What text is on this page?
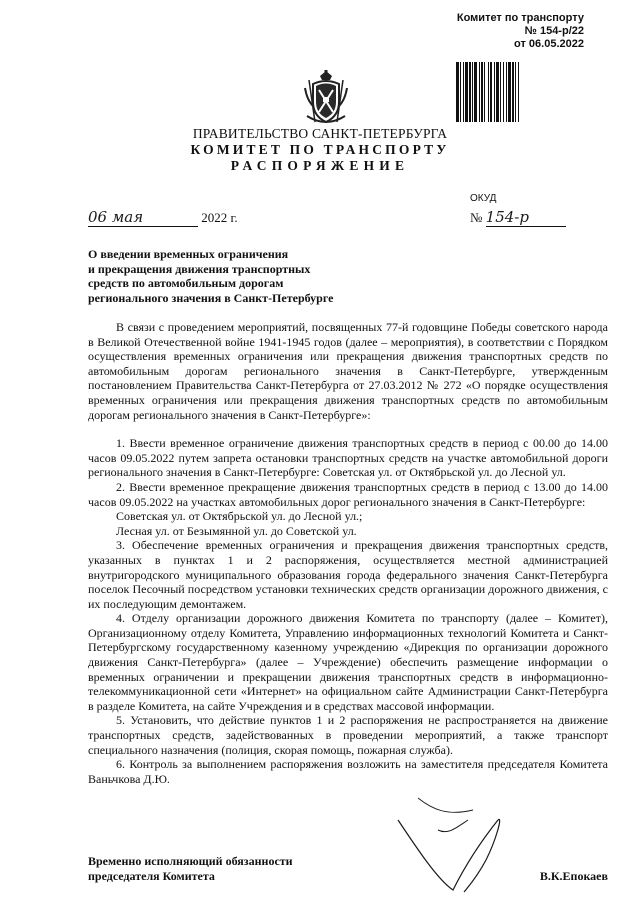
Комитет по транспорту
№ 154-р/22
от 06.05.2022
ПРАВИТЕЛЬСТВО САНКТ-ПЕТЕРБУРГА
КОМИТЕТ ПО ТРАНСПОРТУ
РАСПОРЯЖЕНИЕ
ОКУД
06 мая	2022 г.	№ 154-р
О введении временных ограничения
и прекращения движения транспортных
средств по автомобильным дорогам
регионального значения в Санкт-Петербурге

В связи с проведением мероприятий, посвященных 77-й годовщине Победы советского народа в Великой Отечественной войне 1941-1945 годов (далее – мероприятия), в соответствии с Порядком осуществления временных ограничения или прекращения движения транспортных средств по автомобильным дорогам регионального значения в Санкт-Петербурге, утвержденным постановлением Правительства Санкт-Петербурга от 27.03.2012 № 272 «О порядке осуществления временных ограничения или прекращения движения транспортных средств по автомобильным дорогам регионального значения в Санкт-Петербурге»:

1. Ввести временное ограничение движения транспортных средств в период с 00.00 до 14.00 часов 09.05.2022 путем запрета остановки транспортных средств на участке автомобильной дороги регионального значения в Санкт-Петербурге: Советская ул. от Октябрьской ул. до Лесной ул.

2. Ввести временное прекращение движения транспортных средств в период с 13.00 до 14.00 часов 09.05.2022 на участках автомобильных дорог регионального значения в Санкт-Петербурге:

Советская ул. от Октябрьской ул. до Лесной ул.;

Лесная ул. от Безымянной ул. до Советской ул.

3. Обеспечение временных ограничения и прекращения движения транспортных средств, указанных в пунктах 1 и 2 распоряжения, осуществляется местной администрацией внутригородского муниципального образования города федерального значения Санкт-Петербурга поселок Песочный посредством установки технических средств организации дорожного движения, с их последующим демонтажем.

4. Отделу организации дорожного движения Комитета по транспорту (далее – Комитет), Организационному отделу Комитета, Управлению информационных технологий Комитета и Санкт-Петербургскому государственному казенному учреждению «Дирекция по организации дорожного движения Санкт-Петербурга» (далее – Учреждение) обеспечить размещение информации о временных ограничении и прекращении движения транспортных средств в информационно-телекоммуникационной сети «Интернет» на официальном сайте Администрации Санкт-Петербурга в разделе Комитета, на сайте Учреждения и в средствах массовой информации.

5. Установить, что действие пунктов 1 и 2 распоряжения не распространяется на движение транспортных средств, задействованных в проведении мероприятий, а также транспорт специального назначения (полиция, скорая помощь, пожарная служба).

6. Контроль за выполнением распоряжения возложить на заместителя председателя Комитета Ваньчкова Д.Ю.

Временно исполняющий обязанности
председателя Комитета	В.К.Епокаев
